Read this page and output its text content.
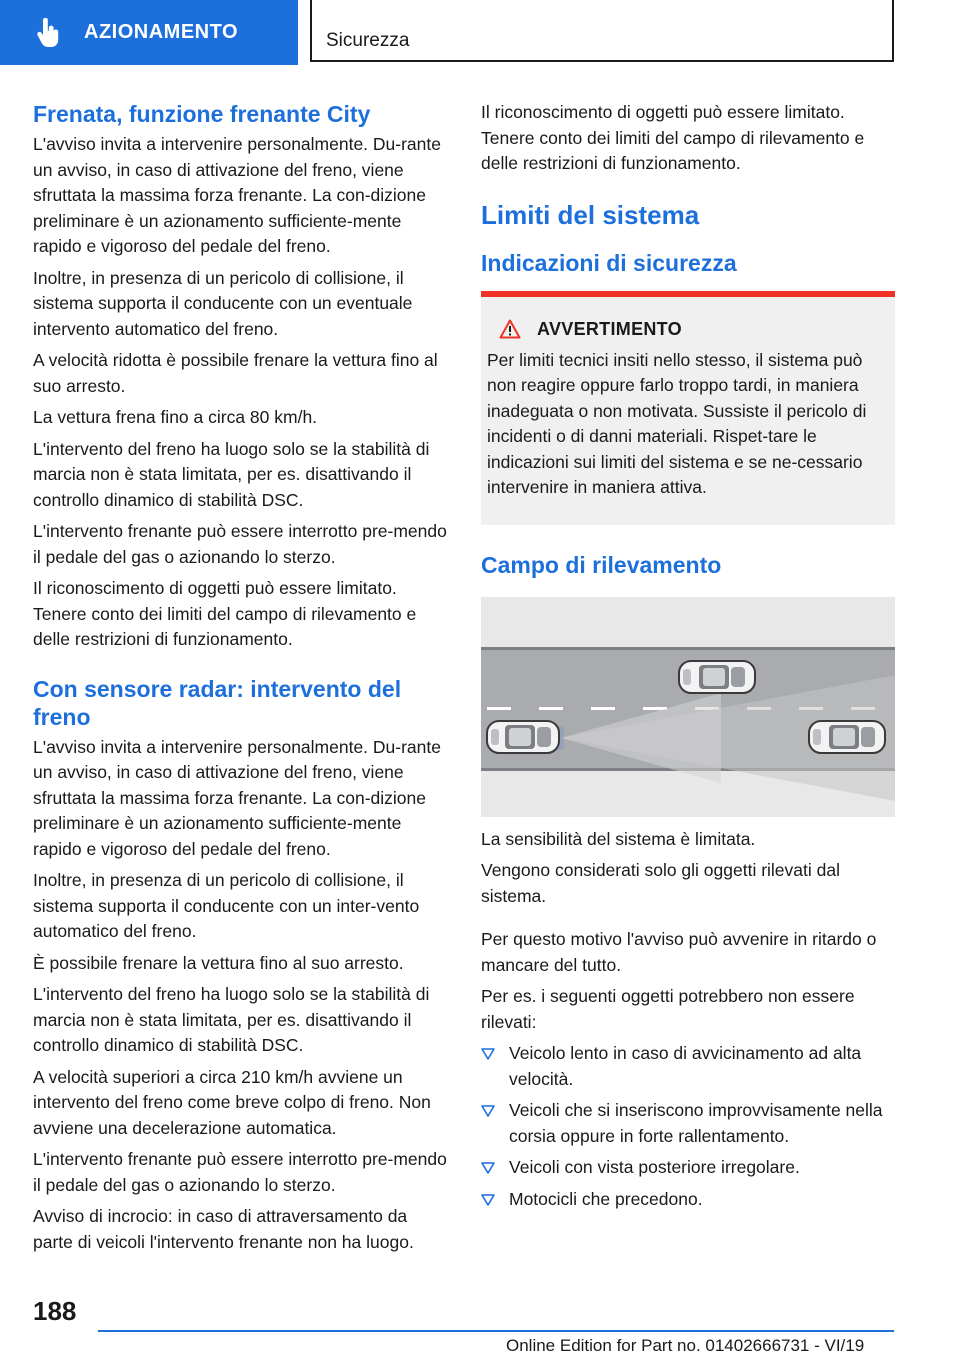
AZIONAMENTO	Sicurezza
Frenata, funzione frenante City

L'avviso invita a intervenire personalmente. Du-rante un avviso, in caso di attivazione del freno, viene sfruttata la massima forza frenante. La con-dizione preliminare è un azionamento sufficiente-mente rapido e vigoroso del pedale del freno.

Inoltre, in presenza di un pericolo di collisione, il sistema supporta il conducente con un eventuale intervento automatico del freno.

A velocità ridotta è possibile frenare la vettura fino al suo arresto.

La vettura frena fino a circa 80 km/h.

L'intervento del freno ha luogo solo se la stabilità di marcia non è stata limitata, per es. disattivando il controllo dinamico di stabilità DSC.

L'intervento frenante può essere interrotto pre-mendo il pedale del gas o azionando lo sterzo.

Il riconoscimento di oggetti può essere limitato. Tenere conto dei limiti del campo di rilevamento e delle restrizioni di funzionamento.

Con sensore radar: intervento del freno

L'avviso invita a intervenire personalmente. Du-rante un avviso, in caso di attivazione del freno, viene sfruttata la massima forza frenante. La con-dizione preliminare è un azionamento sufficiente-mente rapido e vigoroso del pedale del freno.

Inoltre, in presenza di un pericolo di collisione, il sistema supporta il conducente con un inter-vento automatico del freno.

È possibile frenare la vettura fino al suo arresto.

L'intervento del freno ha luogo solo se la stabilità di marcia non è stata limitata, per es. disattivando il controllo dinamico di stabilità DSC.

A velocità superiori a circa 210 km/h avviene un intervento del freno come breve colpo di freno. Non avviene una decelerazione automatica.

L'intervento frenante può essere interrotto pre-mendo il pedale del gas o azionando lo sterzo.

Avviso di incrocio: in caso di attraversamento da parte di veicoli l'intervento frenante non ha luogo.

Il riconoscimento di oggetti può essere limitato. Tenere conto dei limiti del campo di rilevamento e delle restrizioni di funzionamento.

Limiti del sistema
Indicazioni di sicurezza
AVVERTIMENTO

Per limiti tecnici insiti nello stesso, il sistema può non reagire oppure farlo troppo tardi, in maniera inadeguata o non motivata. Sussiste il pericolo di incidenti o di danni materiali. Rispet-tare le indicazioni sui limiti del sistema e se ne-cessario intervenire in maniera attiva.

Campo di rilevamento

La sensibilità del sistema è limitata.

Vengono considerati solo gli oggetti rilevati dal sistema.

Per questo motivo l'avviso può avvenire in ritardo o mancare del tutto.

Per es. i seguenti oggetti potrebbero non essere rilevati:

Veicolo lento in caso di avvicinamento ad alta velocità.
Veicoli che si inseriscono improvvisamente nella corsia oppure in forte rallentamento.
Veicoli con vista posteriore irregolare.
Motocicli che precedono.
188
Online Edition for Part no. 01402666731 - VI/19
